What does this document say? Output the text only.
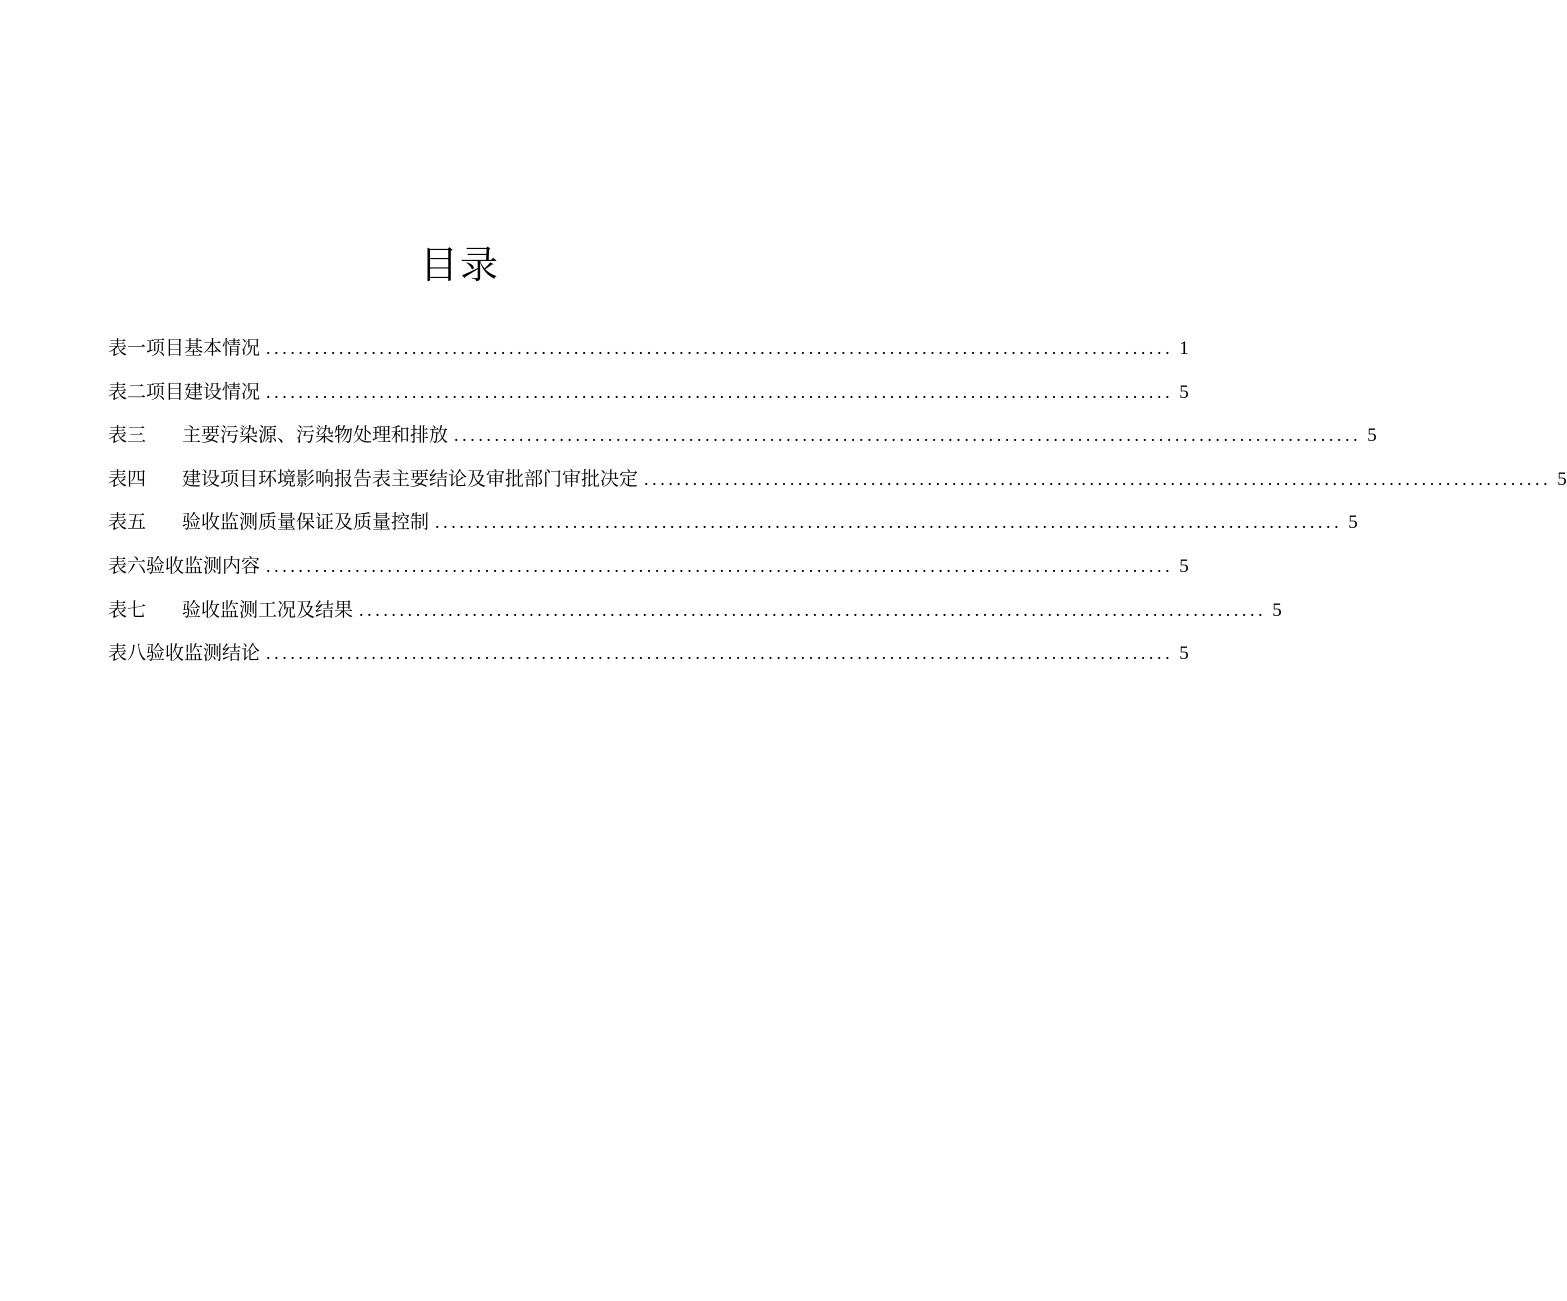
目录
表一项目基本情况 ................................................................................................................ 1
表二项目建设情况 ................................................................................................................ 5
表三 主要污染源、污染物处理和排放 ................................................................................................................ 5
表四 建设项目环境影响报告表主要结论及审批部门审批决定 ................................................................................................................ 5
表五 验收监测质量保证及质量控制 ................................................................................................................ 5
表六验收监测内容 ................................................................................................................ 5
表七 验收监测工况及结果 ................................................................................................................ 5
表八验收监测结论 ................................................................................................................ 5
